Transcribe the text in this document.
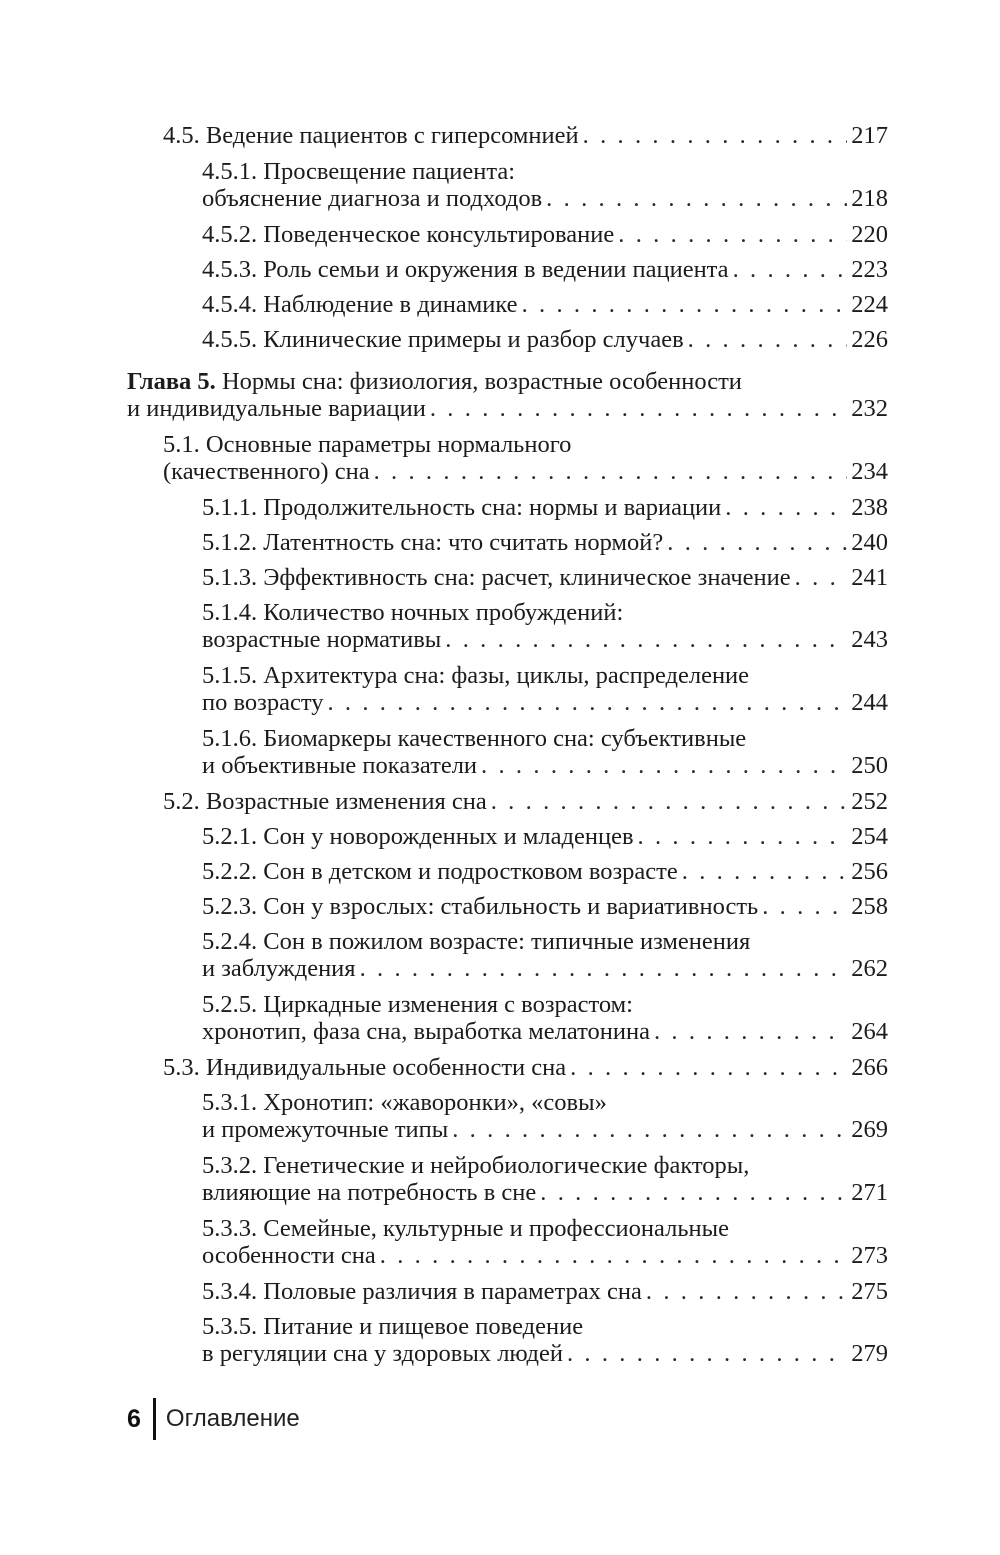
4.5. Ведение пациентов с гиперсомнией . . .	217
4.5.1. Просвещение пациента:
объяснение диагноза и подходов . . .	218
4.5.2. Поведенческое консультирование . . .	220
4.5.3. Роль семьи и окружения в ведении пациента . . .	223
4.5.4. Наблюдение в динамике . . .	224
4.5.5. Клинические примеры и разбор случаев . . .	226
Глава 5. Нормы сна: физиология, возрастные особенности
и индивидуальные вариации . . .	232
5.1. Основные параметры нормального
(качественного) сна . . .	234
5.1.1. Продолжительность сна: нормы и вариации . . .	238
5.1.2. Латентность сна: что считать нормой? . . .	240
5.1.3. Эффективность сна: расчет, клиническое значение . . . 241
5.1.4. Количество ночных пробуждений:
возрастные нормативы . . .	243
5.1.5. Архитектура сна: фазы, циклы, распределение
по возрасту . . .	244
5.1.6. Биомаркеры качественного сна: субъективные
и объективные показатели . . .	250
5.2. Возрастные изменения сна . . .	252
5.2.1. Сон у новорожденных и младенцев . . .	254
5.2.2. Сон в детском и подростковом возрасте . . .	256
5.2.3. Сон у взрослых: стабильность и вариативность . . .	258
5.2.4. Сон в пожилом возрасте: типичные изменения
и заблуждения . . .	262
5.2.5. Циркадные изменения с возрастом:
хронотип, фаза сна, выработка мелатонина . . .	264
5.3. Индивидуальные особенности сна . . .	266
5.3.1. Хронотип: «жаворонки», «совы»
и промежуточные типы . . .	269
5.3.2. Генетические и нейробиологические факторы,
влияющие на потребность в сне . . .	271
5.3.3. Семейные, культурные и профессиональные
особенности сна . . .	273
5.3.4. Половые различия в параметрах сна . . .	275
5.3.5. Питание и пищевое поведение
в регуляции сна у здоровых людей . . .	279
6 Оглавление
